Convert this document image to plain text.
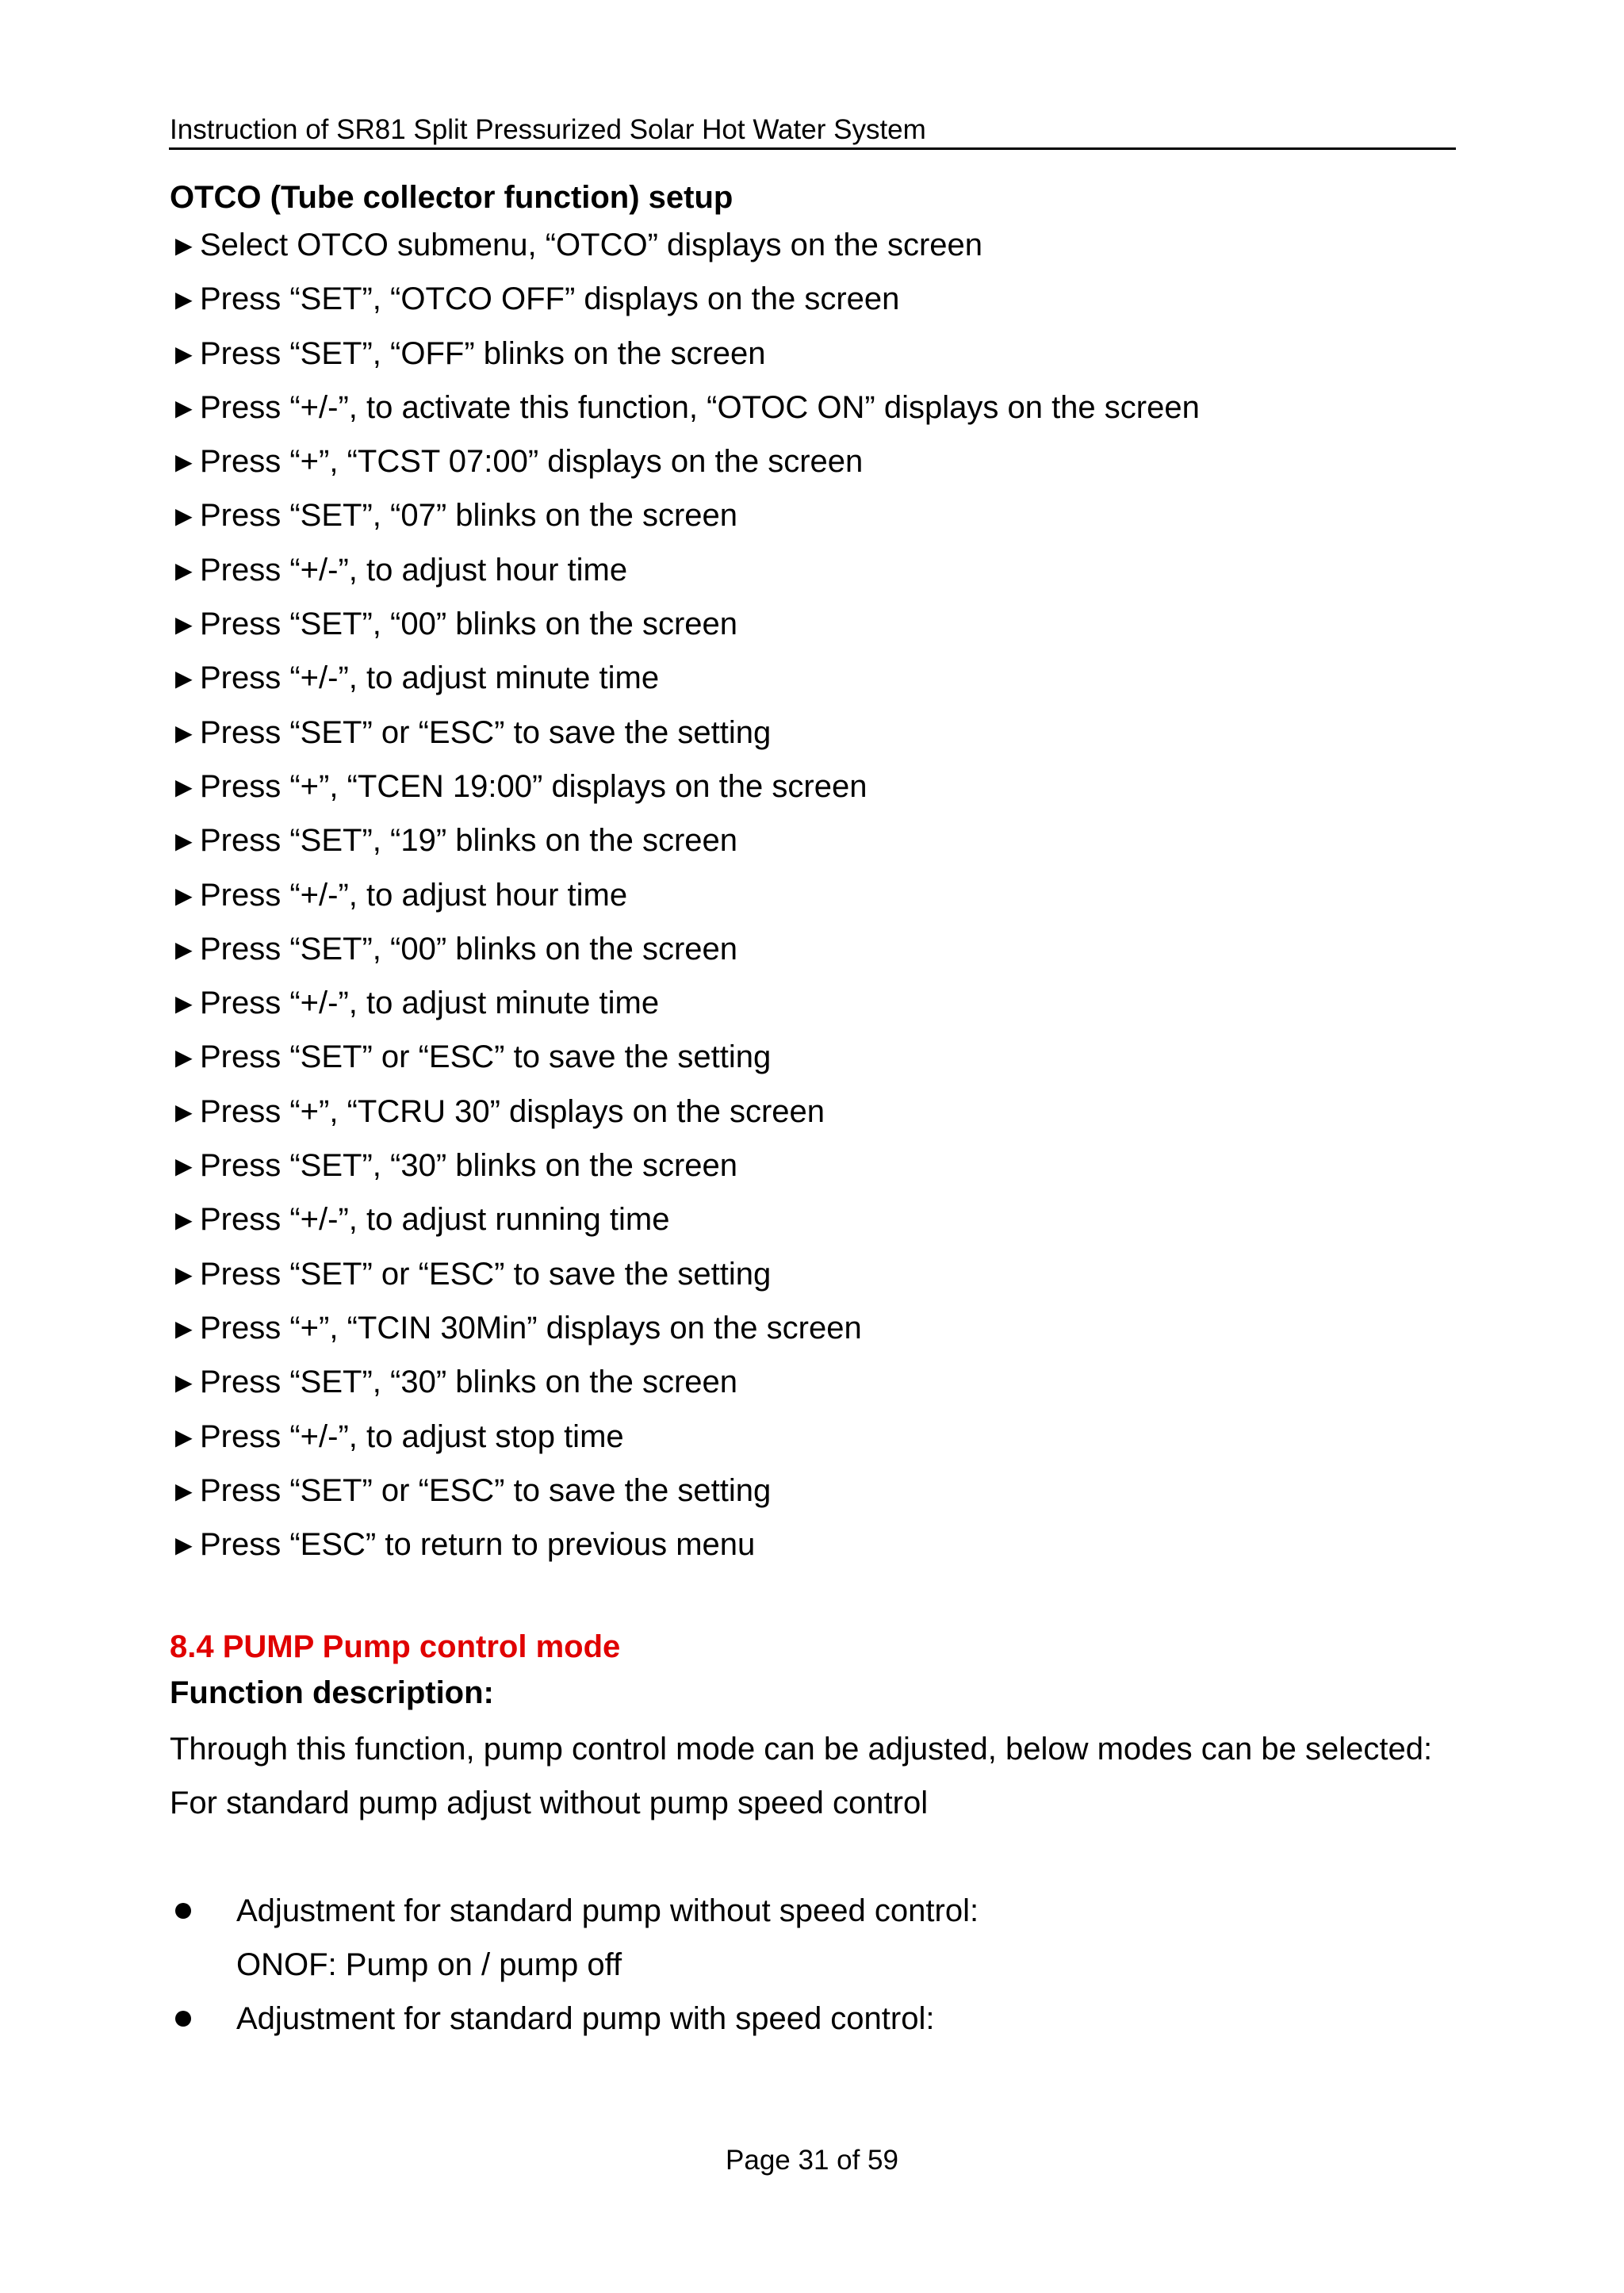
Instruction of SR81 Split Pressurized Solar Hot Water System
OTCO (Tube collector function) setup
►Select OTCO submenu, “OTCO” displays on the screen
►Press “SET”, “OTCO OFF” displays on the screen
►Press “SET”, “OFF” blinks on the screen
►Press “+/-”, to activate this function, “OTOC ON” displays on the screen
►Press “+”, “TCST 07:00” displays on the screen
►Press “SET”, “07” blinks on the screen
►Press “+/-”, to adjust hour time
►Press “SET”, “00” blinks on the screen
►Press “+/-”, to adjust minute time
►Press “SET” or “ESC” to save the setting
►Press “+”, “TCEN 19:00” displays on the screen
►Press “SET”, “19” blinks on the screen
►Press “+/-”, to adjust hour time
►Press “SET”, “00” blinks on the screen
►Press “+/-”, to adjust minute time
►Press “SET” or “ESC” to save the setting
►Press “+”, “TCRU 30” displays on the screen
►Press “SET”, “30” blinks on the screen
►Press “+/-”, to adjust running time
►Press “SET” or “ESC” to save the setting
►Press “+”, “TCIN 30Min” displays on the screen
►Press “SET”, “30” blinks on the screen
►Press “+/-”, to adjust stop time
►Press “SET” or “ESC” to save the setting
►Press “ESC” to return to previous menu
8.4 PUMP Pump control mode
Function description:

Through this function, pump control mode can be adjusted, below modes can be selected:

For standard pump adjust without pump speed control

Adjustment for standard pump without speed control:
ONOF: Pump on / pump off
Adjustment for standard pump with speed control:
Page 31 of 59
